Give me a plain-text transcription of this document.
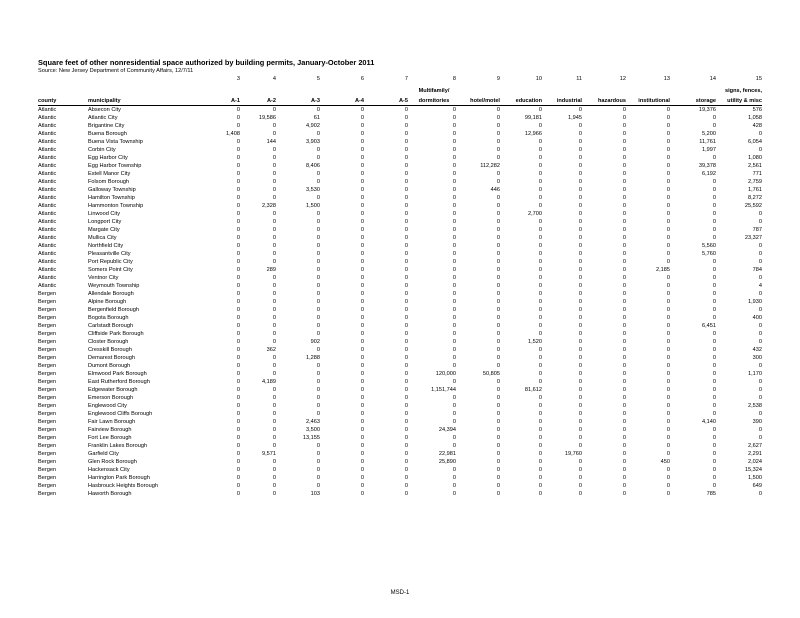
Square feet of other nonresidential space authorized by building permits, January-October 2011
Source: New Jersey Department of Community Affairs, 12/7/11
		3	4	5	6	7	8	9	10	11	12	13	14	15
							Multifamily/							signs, fences,
county	municipality	A-1	A-2	A-3	A-4	A-5	dormitories	hotel/motel	education	industrial	hazardous	institutional	storage	utility & misc
Atlantic	Absecon City	0	0	0	0	0	0	0	0	0	0	0	19,376	576
Atlantic	Atlantic City	0	19,586	61	0	0	0	0	99,181	1,945	0	0	0	1,058
Atlantic	Brigantine City	0	0	4,902	0	0	0	0	0	0	0	0	0	428
Atlantic	Buena Borough	1,408	0	0	0	0	0	0	12,966	0	0	0	5,200	0
Atlantic	Buena Vista Township	0	144	3,903	0	0	0	0	0	0	0	0	11,761	6,054
Atlantic	Corbin City	0	0	0	0	0	0	0	0	0	0	0	1,997	0
Atlantic	Egg Harbor City	0	0	0	0	0	0	0	0	0	0	0	0	1,080
Atlantic	Egg Harbor Township	0	0	8,406	0	0	0	112,282	0	0	0	0	39,378	2,561
Atlantic	Estell Manor City	0	0	0	0	0	0	0	0	0	0	0	6,192	771
Atlantic	Folsom Borough	0	0	0	0	0	0	0	0	0	0	0	0	2,759
Atlantic	Galloway Township	0	0	3,530	0	0	0	446	0	0	0	0	0	1,761
Atlantic	Hamilton Township	0	0	0	0	0	0	0	0	0	0	0	0	8,272
Atlantic	Hammonton Township	0	2,328	1,500	0	0	0	0	0	0	0	0	0	25,592
Atlantic	Linwood City	0	0	0	0	0	0	0	2,700	0	0	0	0	0
Atlantic	Longport City	0	0	0	0	0	0	0	0	0	0	0	0	0
Atlantic	Margate City	0	0	0	0	0	0	0	0	0	0	0	0	787
Atlantic	Mullica City	0	0	0	0	0	0	0	0	0	0	0	0	23,327
Atlantic	Northfield City	0	0	0	0	0	0	0	0	0	0	0	5,560	0
Atlantic	Pleasantville City	0	0	0	0	0	0	0	0	0	0	0	5,760	0
Atlantic	Port Republic City	0	0	0	0	0	0	0	0	0	0	0	0	0
Atlantic	Somers Point City	0	289	0	0	0	0	0	0	0	0	2,185	0	784
Atlantic	Ventnor City	0	0	0	0	0	0	0	0	0	0	0	0	0
Atlantic	Weymouth Township	0	0	0	0	0	0	0	0	0	0	0	0	4
Bergen	Allendale Borough	0	0	0	0	0	0	0	0	0	0	0	0	0
Bergen	Alpine Borough	0	0	0	0	0	0	0	0	0	0	0	0	1,930
Bergen	Bergenfield Borough	0	0	0	0	0	0	0	0	0	0	0	0	0
Bergen	Bogota Borough	0	0	0	0	0	0	0	0	0	0	0	0	400
Bergen	Carlstadt Borough	0	0	0	0	0	0	0	0	0	0	0	6,451	0
Bergen	Cliffside Park Borough	0	0	0	0	0	0	0	0	0	0	0	0	0
Bergen	Closter Borough	0	0	902	0	0	0	0	1,520	0	0	0	0	0
Bergen	Cresskill Borough	0	362	0	0	0	0	0	0	0	0	0	0	432
Bergen	Demarest Borough	0	0	1,288	0	0	0	0	0	0	0	0	0	300
Bergen	Dumont Borough	0	0	0	0	0	0	0	0	0	0	0	0	0
Bergen	Elmwood Park Borough	0	0	0	0	0	120,000	50,805	0	0	0	0	0	1,170
Bergen	East Rutherford Borough	0	4,189	0	0	0	0	0	0	0	0	0	0	0
Bergen	Edgewater Borough	0	0	0	0	0	1,151,744	0	81,612	0	0	0	0	0
Bergen	Emerson Borough	0	0	0	0	0	0	0	0	0	0	0	0	0
Bergen	Englewood City	0	0	0	0	0	0	0	0	0	0	0	0	2,538
Bergen	Englewood Cliffs Borough	0	0	0	0	0	0	0	0	0	0	0	0	0
Bergen	Fair Lawn Borough	0	0	2,463	0	0	0	0	0	0	0	0	4,140	390
Bergen	Fairview Borough	0	0	3,500	0	0	24,394	0	0	0	0	0	0	0
Bergen	Fort Lee Borough	0	0	13,155	0	0	0	0	0	0	0	0	0	0
Bergen	Franklin Lakes Borough	0	0	0	0	0	0	0	0	0	0	0	0	2,627
Bergen	Garfield City	0	9,571	0	0	0	22,981	0	0	19,760	0	0	0	2,291
Bergen	Glen Rock Borough	0	0	0	0	0	25,890	0	0	0	0	450	0	2,024
Bergen	Hackensack City	0	0	0	0	0	0	0	0	0	0	0	0	15,324
Bergen	Harrington Park Borough	0	0	0	0	0	0	0	0	0	0	0	0	1,500
Bergen	Hasbrouck Heights Borough	0	0	0	0	0	0	0	0	0	0	0	0	649
Bergen	Haworth Borough	0	0	103	0	0	0	0	0	0	0	0	785	0
MSD-1
